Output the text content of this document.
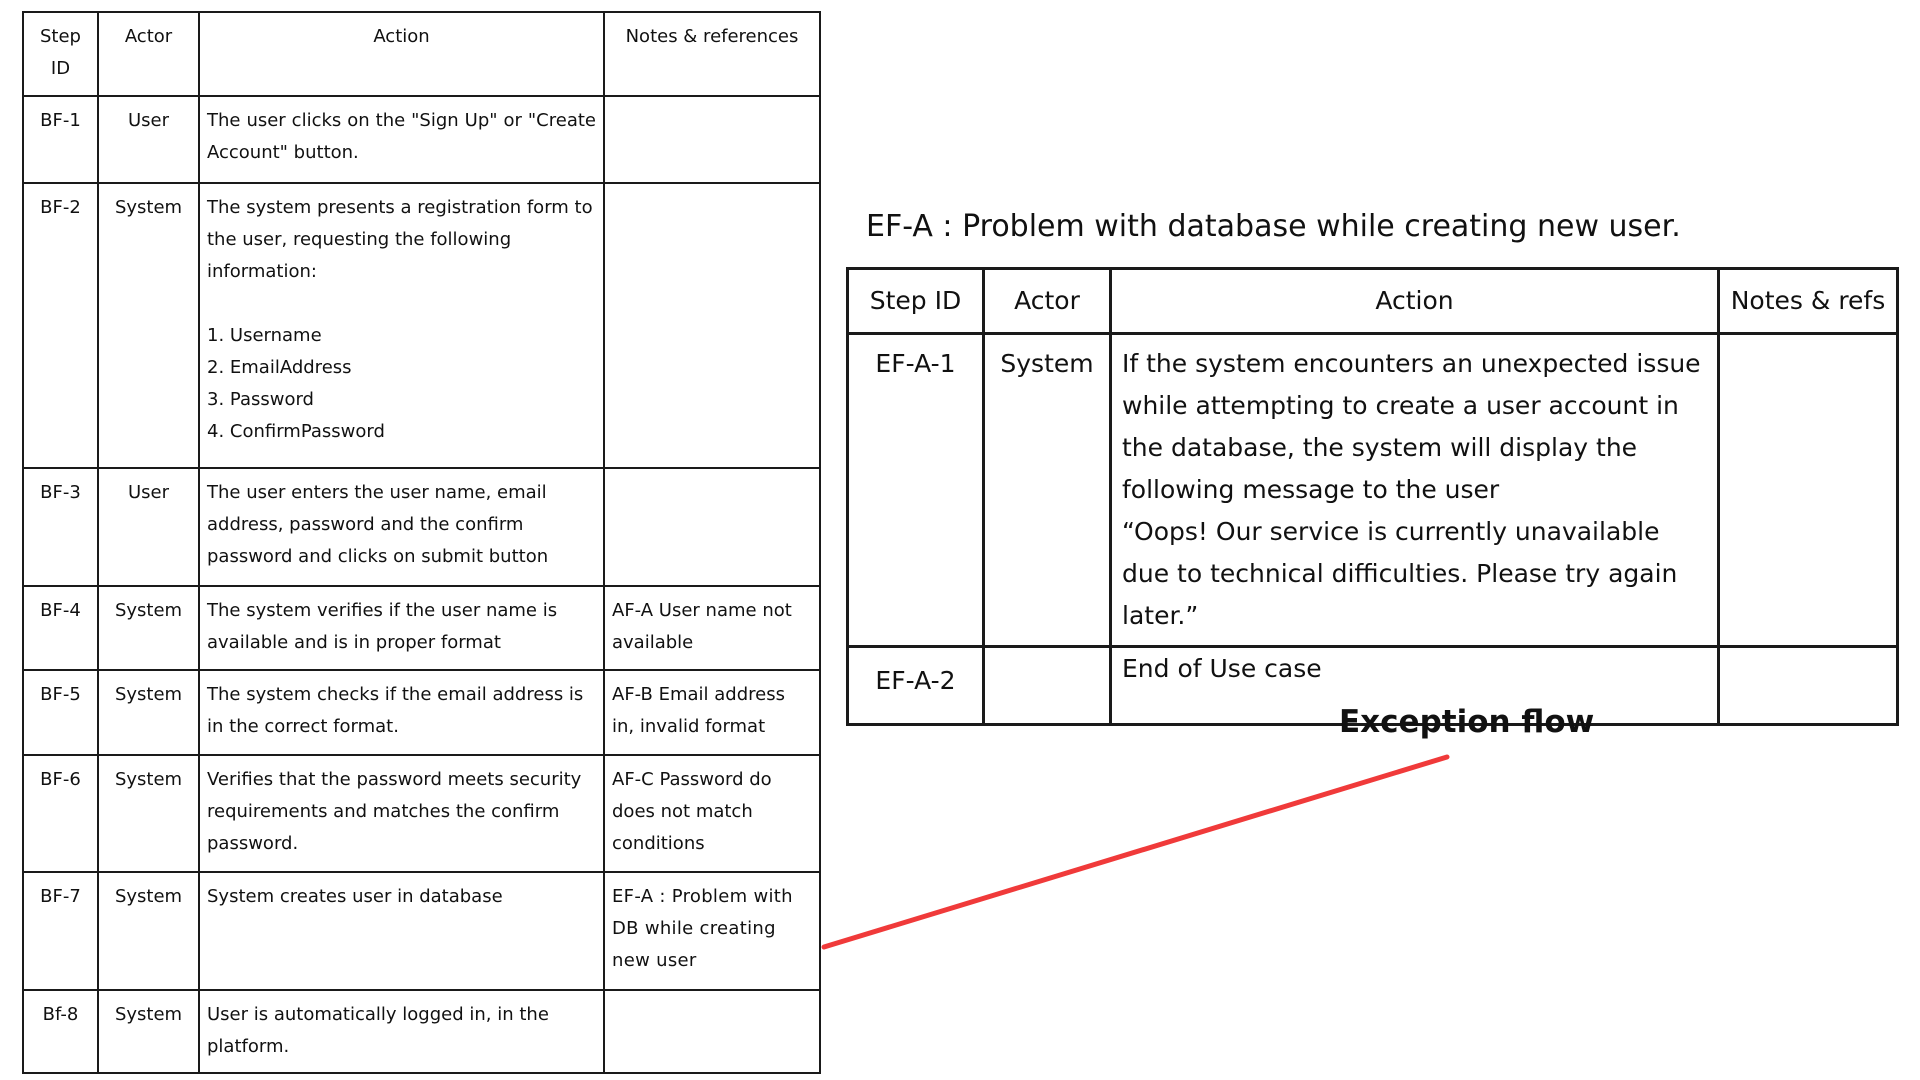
Step ID	Actor	Action	Notes & references
BF-1	User	The user clicks on the "Sign Up" or "Create Account" button.	
BF-2	System	The system presents a registration form to the user, requesting the following information:
1. Username
2. EmailAddress
3. Password
4. ConfirmPassword	

BF-3	User	The user enters the user name, email address, password and the confirm password and clicks on submit button	
BF-4	System	The system verifies if the user name is available and is in proper format	AF-A User name not available
BF-5	System	The system checks if the email address is in the correct format.	AF-B Email address in, invalid format
BF-6	System	Verifies that the password meets security requirements and matches the confirm password.	AF-C Password do does not match conditions
BF-7	System	System creates user in database	EF-A : Problem with DB while creating new user
Bf-8	System	User is automatically logged in, in the platform.	
EF-A : Problem with database while creating new user.
Step ID	Actor	Action	Notes & refs
EF-A-1	System	If the system encounters an unexpected issue while attempting to create a user account in the database, the system will display the following message to the user
“Oops! Our service is currently unavailable due to technical difficulties. Please try again later.”	

EF-A-2		End of Use case	
Exception flow
